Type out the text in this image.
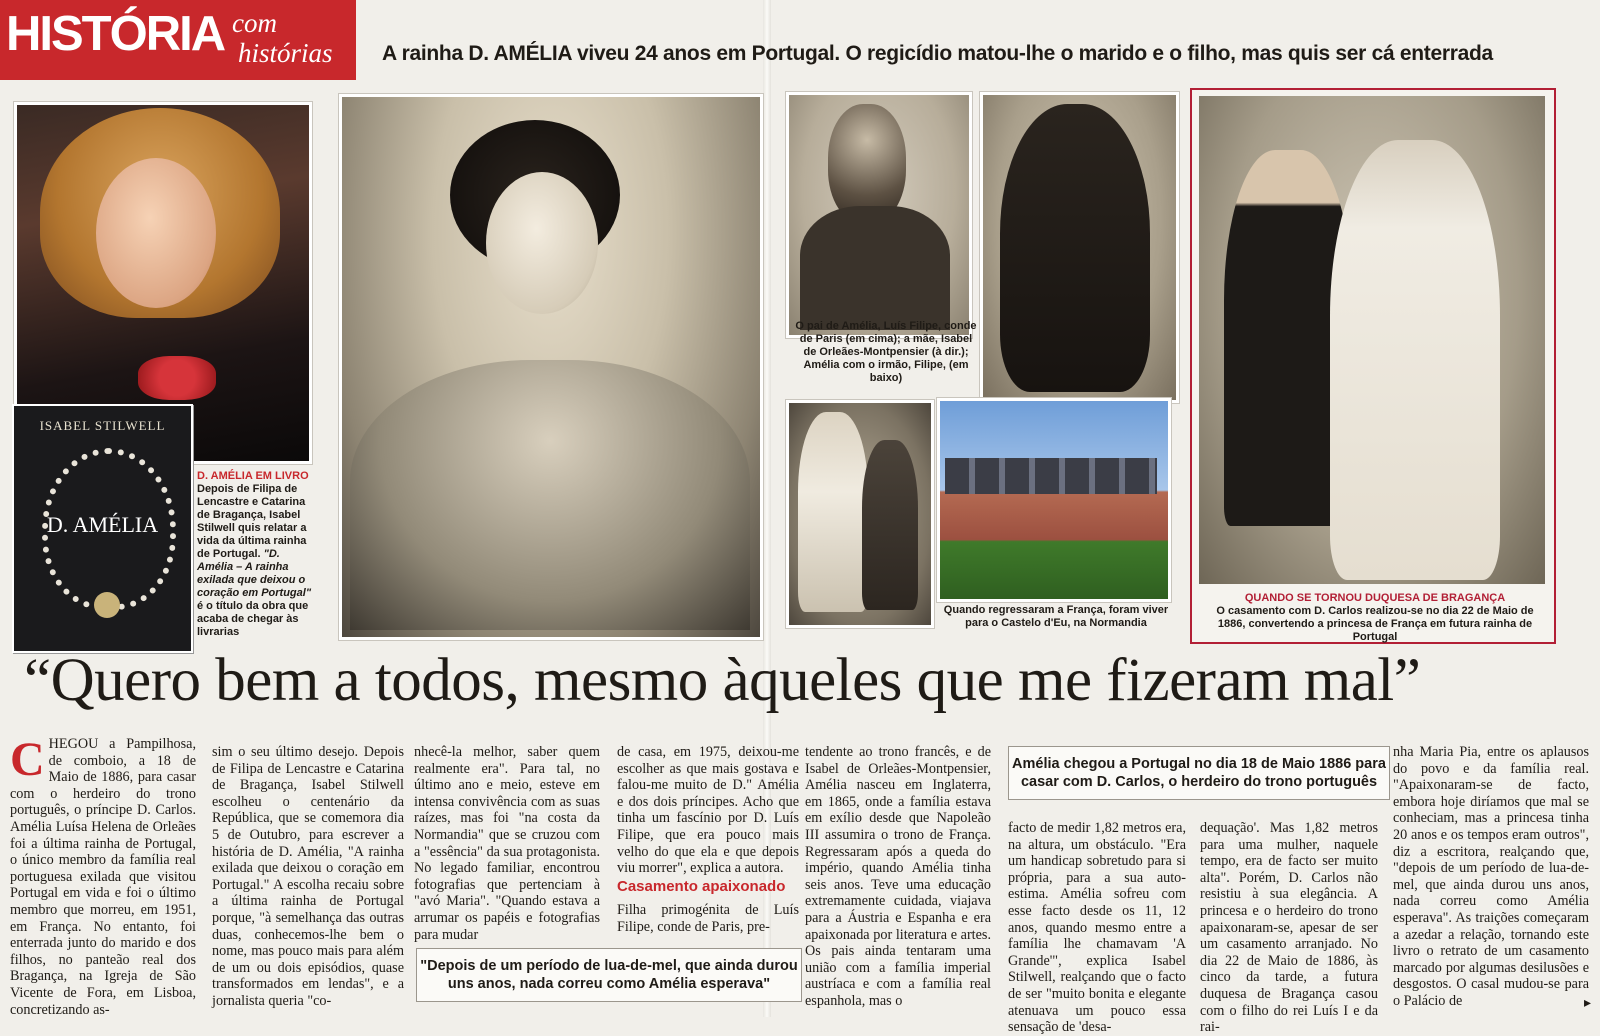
HISTÓRIA com
histórias A rainha D. AMÉLIA viveu 24 anos em Portugal. O regicídio matou-lhe o marido e o filho, mas quis ser cá enterrada
ISABEL STILWELL
D. AMÉLIA
D. AMÉLIA EM LIVRO
Depois de Filipa de Lencastre e Catarina de Bragança, Isabel Stilwell quis relatar a vida da última rainha de Portugal. "D. Amélia – A rainha exilada que deixou o coração em Portugal" é o título da obra que acaba de chegar às livrarias
O pai de Amélia, Luís Filipe, conde de Paris (em cima); a mãe, Isabel de Orleães-Montpensier (à dir.); Amélia com o irmão, Filipe, (em baixo)
Quando regressaram a França, foram viver para o Castelo d'Eu, na Normandia
QUANDO SE TORNOU DUQUESA DE BRAGANÇA
O casamento com D. Carlos realizou-se no dia 22 de Maio de 1886, convertendo a princesa de França em futura rainha de Portugal
“Quero bem a todos, mesmo àqueles que me fizeram mal”
CHEGOU a Pampilhosa, de comboio, a 18 de Maio de 1886, para casar com o herdeiro do trono português, o príncipe D. Carlos. Amélia Luísa Helena de Orleães foi a última rainha de Portugal, o único membro da família real portuguesa exilada que visitou Portugal em vida e foi o último membro que morreu, em 1951, em França. No entanto, foi enterrada junto do marido e dos filhos, no panteão real dos Bragança, na Igreja de São Vicente de Fora, em Lisboa, concretizando as-
sim o seu último desejo. Depois de Filipa de Lencastre e Catarina de Bragança, Isabel Stilwell escolheu o centenário da República, que se comemora dia 5 de Outubro, para escrever a história de D. Amélia, "A rainha exilada que deixou o coração em Portugal." A escolha recaiu sobre a última rainha de Portugal porque, "à semelhança das outras duas, conhecemos-lhe bem o nome, mas pouco mais para além de um ou dois episódios, quase transformados em lendas", e a jornalista queria "co-
nhecê-la melhor, saber quem realmente era". Para tal, no último ano e meio, esteve em intensa convivência com as suas raízes, mas foi "na costa da Normandia" que se cruzou com a "essência" da sua protagonista. No legado familiar, encontrou fotografias que pertenciam à "avó Maria". "Quando estava a arrumar os papéis e fotografias para mudar
de casa, em 1975, deixou-me escolher as que mais gostava e falou-me muito de D." Amélia e dos dois príncipes. Acho que tinha um fascínio por D. Luís Filipe, que era pouco mais velho do que ela e que depois viu morrer", explica a autora.
Casamento apaixonado
Filha primogénita de Luís Filipe, conde de Paris, pre-
"Depois de um período de lua-de-mel, que ainda durou uns anos, nada correu como Amélia esperava"
tendente ao trono francês, e de Isabel de Orleães-Montpensier, Amélia nasceu em Inglaterra, em 1865, onde a família estava em exílio desde que Napoleão III assumira o trono de França. Regressaram após a queda do império, quando Amélia tinha seis anos. Teve uma educação extremamente cuidada, viajava para a Áustria e Espanha e era apaixonada por literatura e artes. Os pais ainda tentaram uma união com a família imperial austríaca e com a família real espanhola, mas o
Amélia chegou a Portugal no dia 18 de Maio 1886 para casar com D. Carlos, o herdeiro do trono português
facto de medir 1,82 metros era, na altura, um obstáculo. "Era um handicap sobretudo para si própria, para a sua auto-estima. Amélia sofreu com esse facto desde os 11, 12 anos, quando mesmo entre a família lhe chamavam 'A Grande'", explica Isabel Stilwell, realçando que o facto de ser "muito bonita e elegante atenuava um pouco essa sensação de 'desa-
dequação'. Mas 1,82 metros para uma mulher, naquele tempo, era de facto ser muito alta". Porém, D. Carlos não resistiu à sua elegância. A princesa e o herdeiro do trono apaixonaram-se, apesar de ser um casamento arranjado. No dia 22 de Maio de 1886, às cinco da tarde, a futura duquesa de Bragança casou com o filho do rei Luís I e da rai-
nha Maria Pia, entre os aplausos do povo e da família real. "Apaixonaram-se de facto, embora hoje diríamos que mal se conheciam, mas a princesa tinha 20 anos e os tempos eram outros", diz a escritora, realçando que, "depois de um período de lua-de-mel, que ainda durou uns anos, nada correu como Amélia esperava". As traições começaram a azedar a relação, tornando este livro o retrato de um casamento marcado por algumas desilusões e desgostos. O casal mudou-se para o Palácio de	▸
